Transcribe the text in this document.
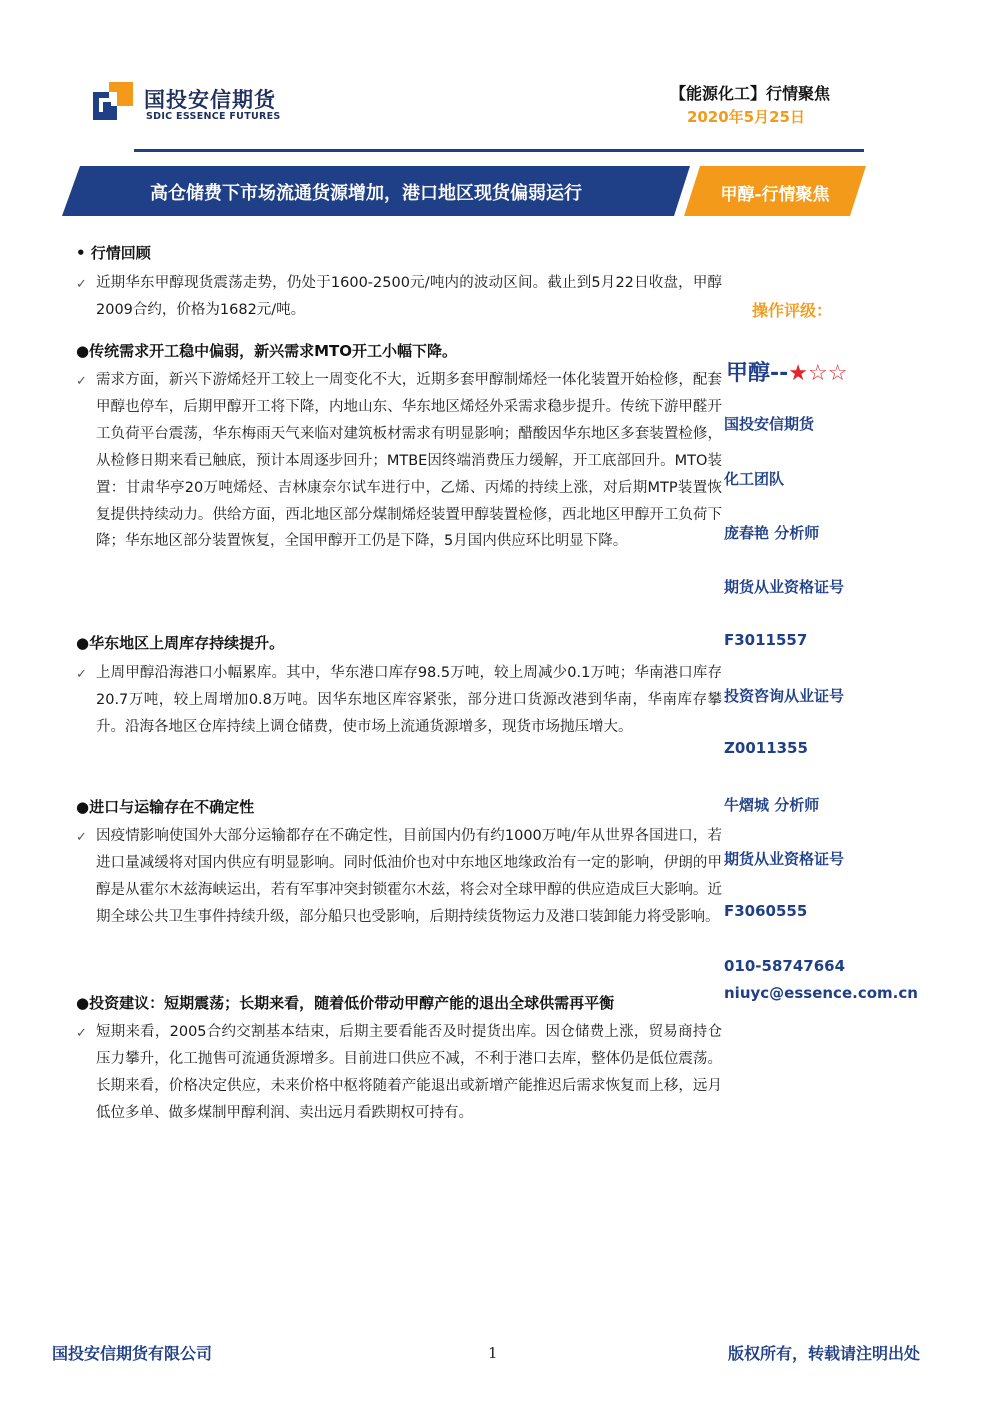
国投安信期货
SDIC ESSENCE FUTURES
【能源化工】行情聚焦
2020年5月25日
高仓储费下市场流通货源增加，港口地区现货偏弱运行	甲醇-行情聚焦
• 行情回顾
✓ 近期华东甲醇现货震荡走势，仍处于1600-2500元/吨内的波动区间。截止到5月22日收盘，甲醇2009合约，价格为1682元/吨。
●传统需求开工稳中偏弱，新兴需求MTO开工小幅下降。
✓ 需求方面，新兴下游烯烃开工较上一周变化不大，近期多套甲醇制烯烃一体化装置开始检修，配套甲醇也停车，后期甲醇开工将下降，内地山东、华东地区烯烃外采需求稳步提升。传统下游甲醛开工负荷平台震荡，华东梅雨天气来临对建筑板材需求有明显影响；醋酸因华东地区多套装置检修，从检修日期来看已触底，预计本周逐步回升；MTBE因终端消费压力缓解，开工底部回升。MTO装置：甘肃华亭20万吨烯烃、吉林康奈尔试车进行中，乙烯、丙烯的持续上涨，对后期MTP装置恢复提供持续动力。供给方面，西北地区部分煤制烯烃装置甲醇装置检修，西北地区甲醇开工负荷下降；华东地区部分装置恢复，全国甲醇开工仍是下降，5月国内供应环比明显下降。
●华东地区上周库存持续提升。
✓ 上周甲醇沿海港口小幅累库。其中，华东港口库存98.5万吨，较上周减少0.1万吨；华南港口库存20.7万吨，较上周增加0.8万吨。因华东地区库容紧张，部分进口货源改港到华南，华南库存攀升。沿海各地区仓库持续上调仓储费，使市场上流通货源增多，现货市场抛压增大。
●进口与运输存在不确定性
✓ 因疫情影响使国外大部分运输都存在不确定性，目前国内仍有约1000万吨/年从世界各国进口，若进口量减缓将对国内供应有明显影响。同时低油价也对中东地区地缘政治有一定的影响，伊朗的甲醇是从霍尔木兹海峡运出，若有军事冲突封锁霍尔木兹，将会对全球甲醇的供应造成巨大影响。近期全球公共卫生事件持续升级，部分船只也受影响，后期持续货物运力及港口装卸能力将受影响。
●投资建议：短期震荡；长期来看，随着低价带动甲醇产能的退出全球供需再平衡
✓ 短期来看，2005合约交割基本结束，后期主要看能否及时提货出库。因仓储费上涨，贸易商持仓压力攀升，化工抛售可流通货源增多。目前进口供应不减，不利于港口去库，整体仍是低位震荡。长期来看，价格决定供应，未来价格中枢将随着产能退出或新增产能推迟后需求恢复而上移，远月低位多单、做多煤制甲醇利润、卖出远月看跌期权可持有。
操作评级：
甲醇--★☆☆
国投安信期货
化工团队
庞春艳 分析师
期货从业资格证号
F3011557
投资咨询从业证号
Z0011355
牛熠城 分析师
期货从业资格证号
F3060555
010-58747664
niuyc@essence.com.cn
国投安信期货有限公司	1	版权所有，转载请注明出处
